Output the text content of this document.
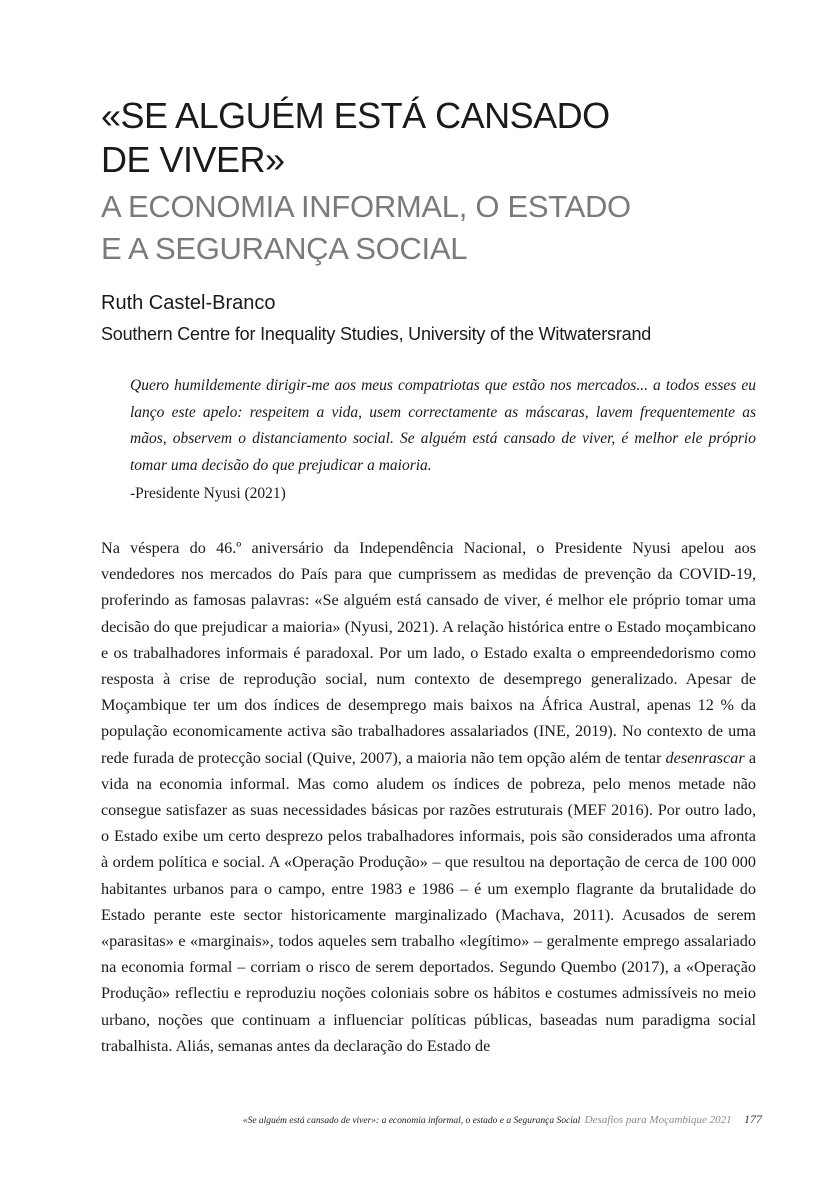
«SE ALGUÉM ESTÁ CANSADO
DE VIVER»
A ECONOMIA INFORMAL, O ESTADO
E A SEGURANÇA SOCIAL
Ruth Castel-Branco
Southern Centre for Inequality Studies, University of the Witwatersrand

Quero humildemente dirigir-me aos meus compatriotas que estão nos mercados... a todos esses eu lanço este apelo: respeitem a vida, usem correctamente as máscaras, lavem frequentemente as mãos, observem o distanciamento social. Se alguém está cansado de viver, é melhor ele próprio tomar uma decisão do que prejudicar a maioria.

-Presidente Nyusi (2021)

Na véspera do 46.º aniversário da Independência Nacional, o Presidente Nyusi apelou aos vendedores nos mercados do País para que cumprissem as medidas de prevenção da COVID-19, proferindo as famosas palavras: «Se alguém está cansado de viver, é melhor ele próprio tomar uma decisão do que prejudicar a maioria» (Nyusi, 2021). A relação histórica entre o Estado moçambicano e os trabalhadores informais é paradoxal. Por um lado, o Estado exalta o empreendedorismo como resposta à crise de reprodução social, num contexto de desemprego generalizado. Apesar de Moçambique ter um dos índices de desemprego mais baixos na África Austral, apenas 12 % da população economicamente activa são trabalhadores assalariados (INE, 2019). No contexto de uma rede furada de protecção social (Quive, 2007), a maioria não tem opção além de tentar desenrascar a vida na economia informal. Mas como aludem os índices de pobreza, pelo menos metade não consegue satisfazer as suas necessidades básicas por razões estruturais (MEF 2016). Por outro lado, o Estado exibe um certo desprezo pelos trabalhadores informais, pois são considerados uma afronta à ordem política e social. A «Operação Produção» – que resultou na deportação de cerca de 100 000 habitantes urbanos para o campo, entre 1983 e 1986 – é um exemplo flagrante da brutalidade do Estado perante este sector historicamente marginalizado (Machava, 2011). Acusados de serem «parasitas» e «marginais», todos aqueles sem trabalho «legítimo» – geralmente emprego assalariado na economia formal – corriam o risco de serem deportados. Segundo Quembo (2017), a «Operação Produção» reflectiu e reproduziu noções coloniais sobre os hábitos e costumes admissíveis no meio urbano, noções que continuam a influenciar políticas públicas, baseadas num paradigma social trabalhista. Aliás, semanas antes da declaração do Estado de

«Se alguém está cansado de viver»: a economia informal, o estado e a Segurança Social Desafios para Moçambique 2021 177
